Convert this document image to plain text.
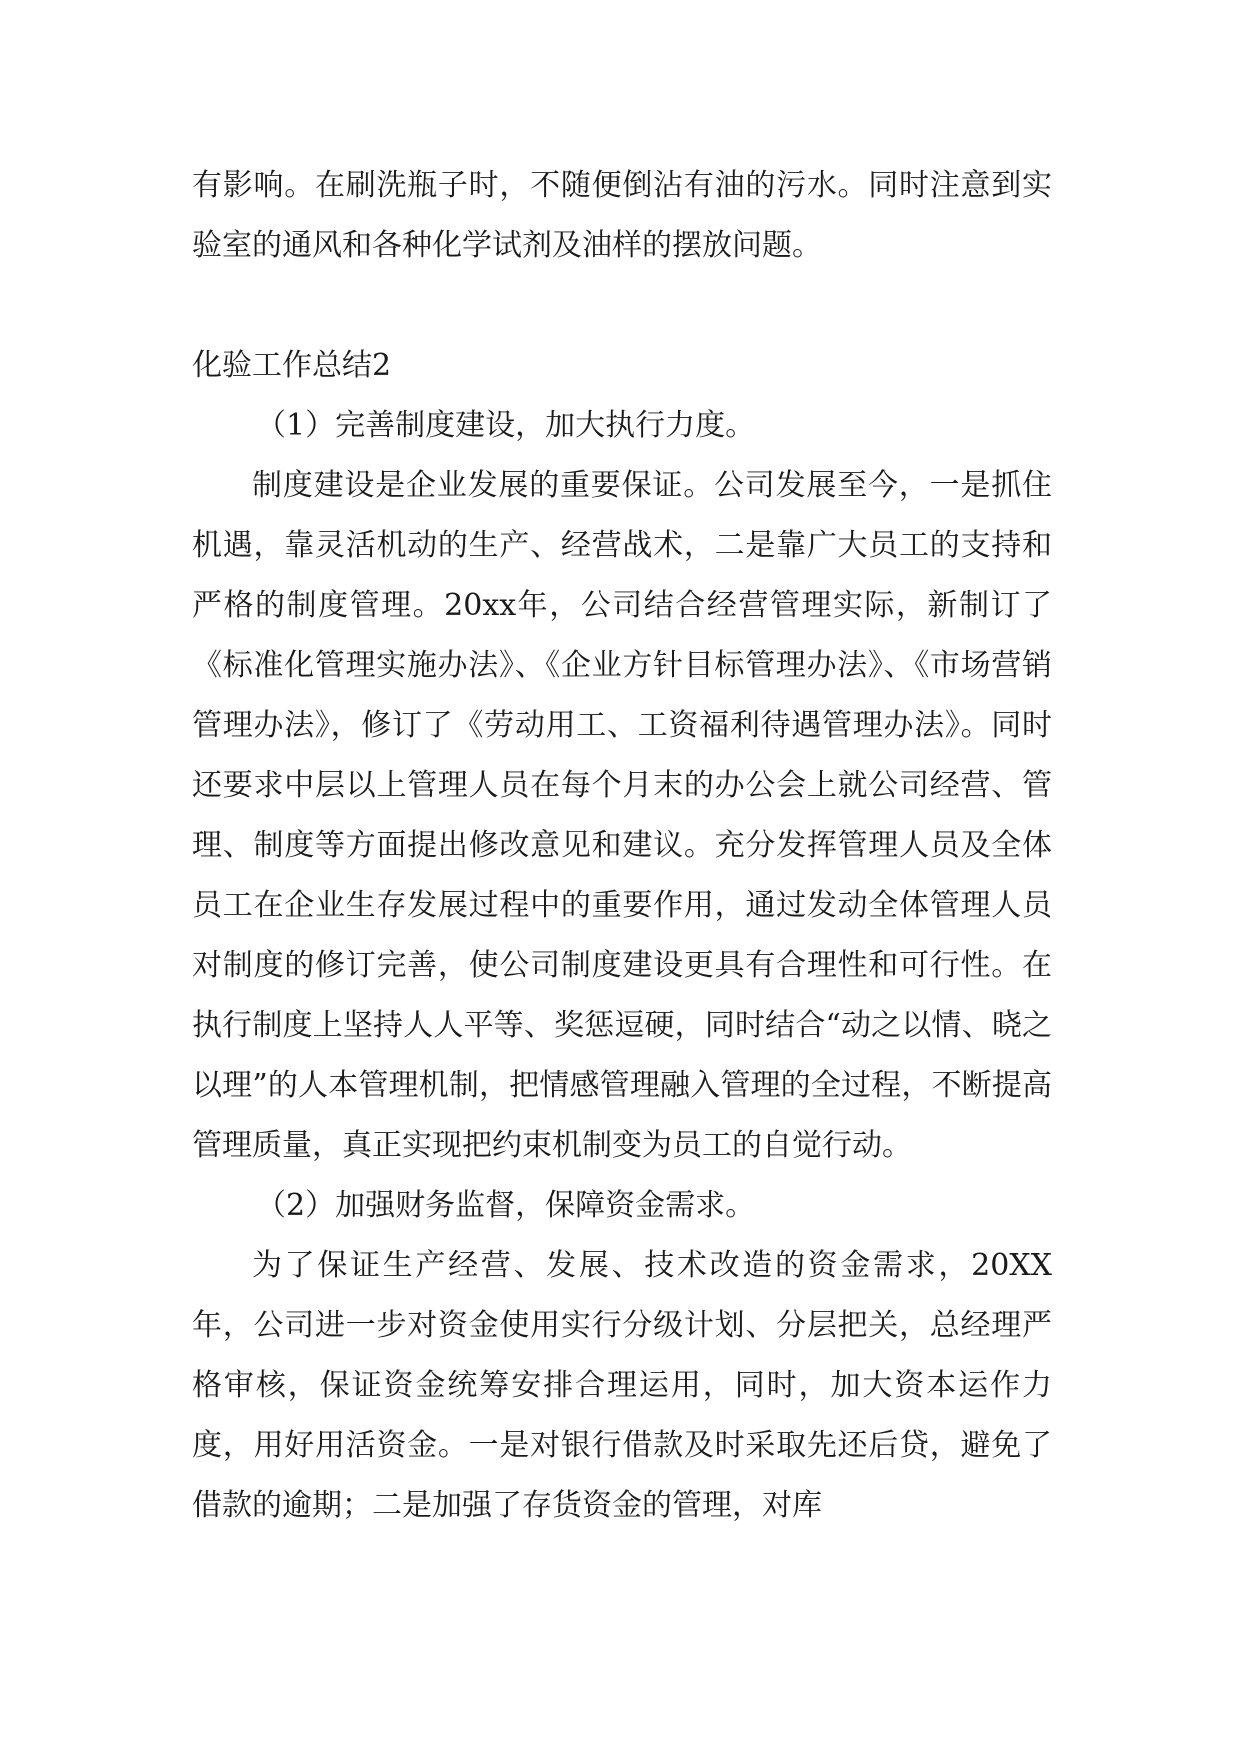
有影响。在刷洗瓶子时，不随便倒沾有油的污水。同时注意到实验室的通风和各种化学试剂及油样的摆放问题。

化验工作总结2

（1）完善制度建设，加大执行力度。

制度建设是企业发展的重要保证。公司发展至今，一是抓住机遇，靠灵活机动的生产、经营战术，二是靠广大员工的支持和严格的制度管理。20xx年，公司结合经营管理实际，新制订了《标准化管理实施办法》、《企业方针目标管理办法》、《市场营销管理办法》，修订了《劳动用工、工资福利待遇管理办法》。同时还要求中层以上管理人员在每个月末的办公会上就公司经营、管理、制度等方面提出修改意见和建议。充分发挥管理人员及全体员工在企业生存发展过程中的重要作用，通过发动全体管理人员对制度的修订完善，使公司制度建设更具有合理性和可行性。在执行制度上坚持人人平等、奖惩逗硬，同时结合“动之以情、晓之以理”的人本管理机制，把情感管理融入管理的全过程，不断提高管理质量，真正实现把约束机制变为员工的自觉行动。

（2）加强财务监督，保障资金需求。

为了保证生产经营、发展、技术改造的资金需求，20XX年，公司进一步对资金使用实行分级计划、分层把关，总经理严格审核，保证资金统筹安排合理运用，同时，加大资本运作力度，用好用活资金。一是对银行借款及时采取先还后贷，避免了借款的逾期；二是加强了存货资金的管理，对库
